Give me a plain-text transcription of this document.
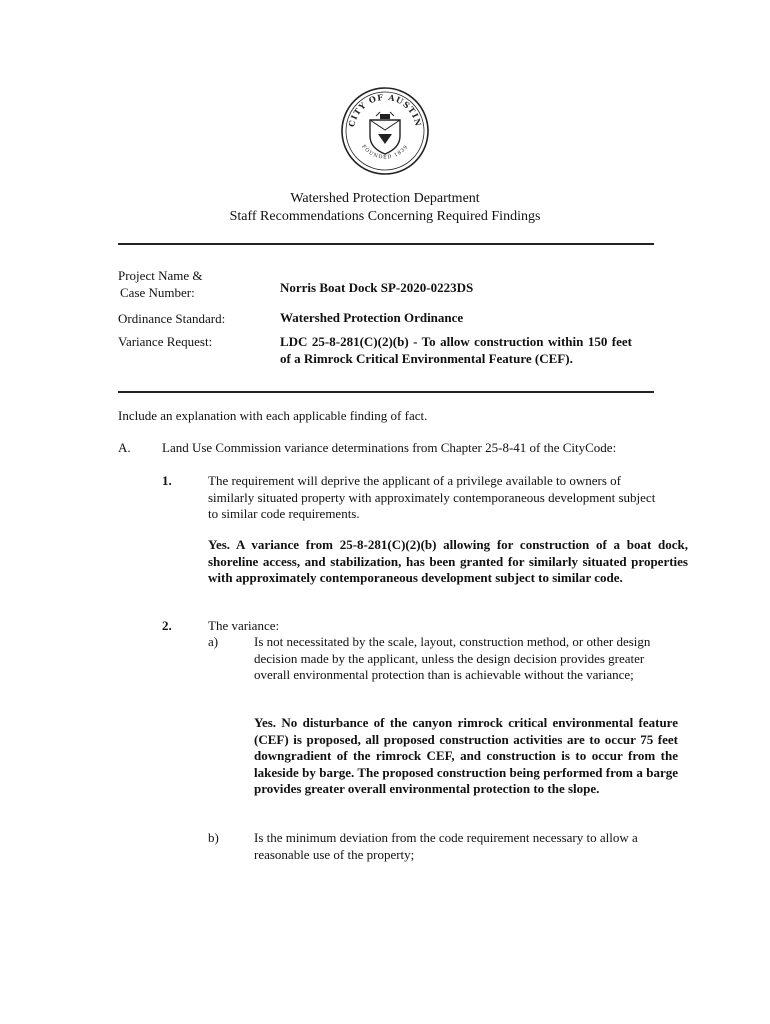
CITY OF AUSTIN
FOUNDED 1839
Watershed Protection Department
Staff Recommendations Concerning Required Findings
Project Name &
Case Number:	Norris Boat Dock SP-2020-0223DS
Ordinance Standard:	Watershed Protection Ordinance
Variance Request:	LDC 25-8-281(C)(2)(b) - To allow construction within 150 feet of a Rimrock Critical Environmental Feature (CEF).
Include an explanation with each applicable finding of fact.
A. Land Use Commission variance determinations from Chapter 25-8-41 of the CityCode:
1.	The requirement will deprive the applicant of a privilege available to owners of similarly situated property with approximately contemporaneous development subject to similar code requirements.
Yes. A variance from 25-8-281(C)(2)(b) allowing for construction of a boat dock, shoreline access, and stabilization, has been granted for similarly situated properties with approximately contemporaneous development subject to similar code.
2.	The variance:
a)	Is not necessitated by the scale, layout, construction method, or other design decision made by the applicant, unless the design decision provides greater overall environmental protection than is achievable without the variance;
Yes. No disturbance of the canyon rimrock critical environmental feature (CEF) is proposed, all proposed construction activities are to occur 75 feet downgradient of the rimrock CEF, and construction is to occur from the lakeside by barge. The proposed construction being performed from a barge provides greater overall environmental protection to the slope.
b)	Is the minimum deviation from the code requirement necessary to allow a reasonable use of the property;
